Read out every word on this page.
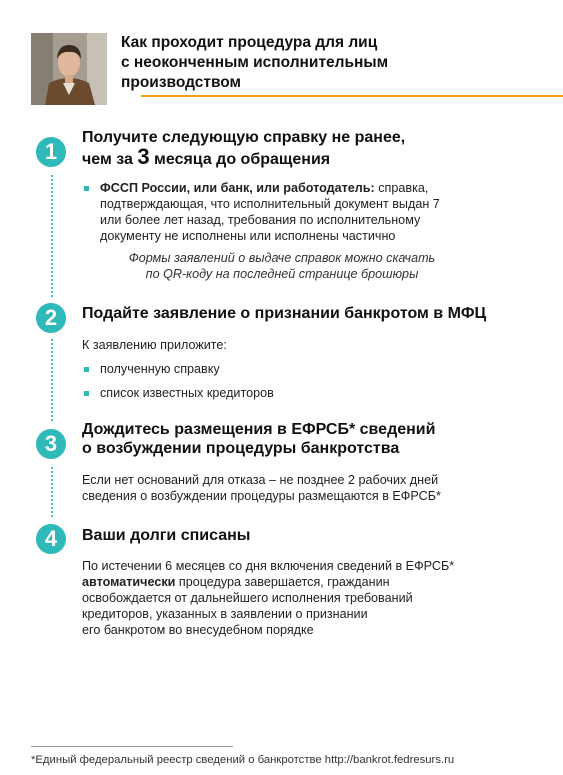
Как проходит процедура для лиц
с неоконченным исполнительным
производством
1
Получите следующую справку не ранее,
чем за 3 месяца до обращения
ФССП России, или банк, или работодатель: справка,
подтверждающая, что исполнительный документ выдан 7
или более лет назад, требования по исполнительному
документу не исполнены или исполнены частично
Формы заявлений о выдаче справок можно скачать
по QR-коду на последней странице брошюры
2	Подайте заявление о признании банкротом в МФЦ
К заявлению приложите:
полученную справку
список известных кредиторов
3
Дождитесь размещения в ЕФРСБ* сведений
о возбуждении процедуры банкротства
Если нет оснований для отказа – не позднее 2 рабочих дней
сведения о возбуждении процедуры размещаются в ЕФРСБ*
4	Ваши долги списаны
По истечении 6 месяцев со дня включения сведений в ЕФРСБ*
автоматически процедура завершается, гражданин
освобождается от дальнейшего исполнения требований
кредиторов, указанных в заявлении о признании
его банкротом во внесудебном порядке
*Единый федеральный реестр сведений о банкротстве http://bankrot.fedresurs.ru
